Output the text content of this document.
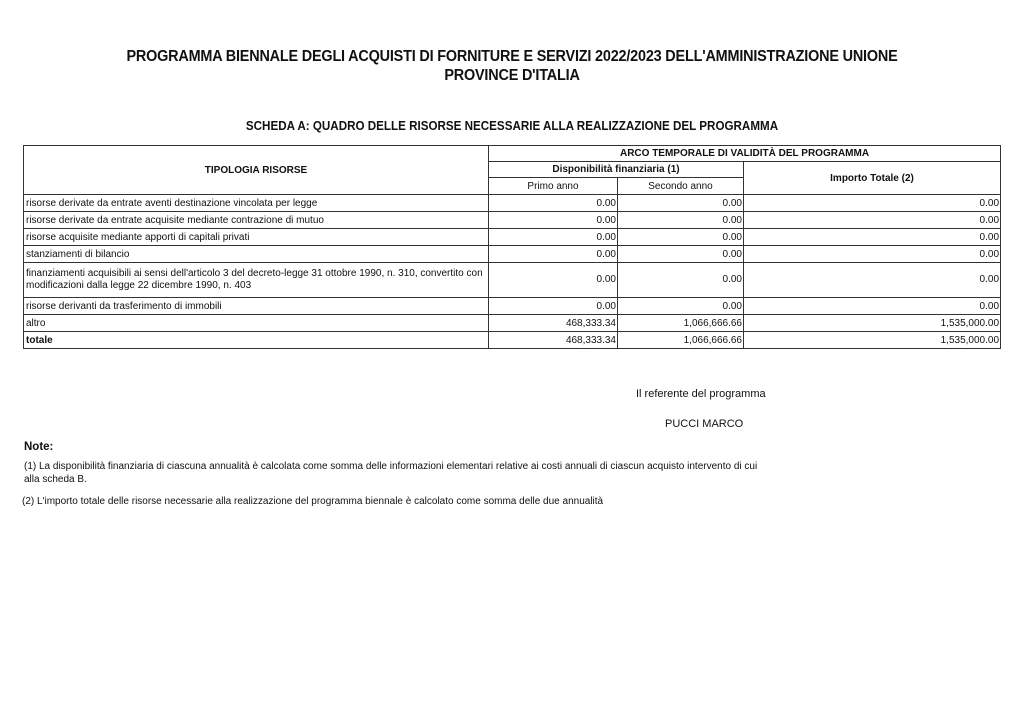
PROGRAMMA BIENNALE DEGLI ACQUISTI DI FORNITURE E SERVIZI 2022/2023 DELL'AMMINISTRAZIONE UNIONE
PROVINCE D'ITALIA
SCHEDA A: QUADRO DELLE RISORSE NECESSARIE ALLA REALIZZAZIONE DEL PROGRAMMA
TIPOLOGIA RISORSE	ARCO TEMPORALE DI VALIDITÀ DEL PROGRAMMA		
	Disponibilità finanziaria (1)		Importo Totale (2)
	Primo anno	Secondo anno	
risorse derivate da entrate aventi destinazione vincolata per legge	0.00	0.00	0.00
risorse derivate da entrate acquisite mediante contrazione di mutuo	0.00	0.00	0.00
risorse acquisite mediante apporti di capitali privati	0.00	0.00	0.00
stanziamenti di bilancio	0.00	0.00	0.00
finanziamenti acquisibili ai sensi dell'articolo 3 del decreto-legge 31 ottobre 1990, n. 310, convertito con modificazioni dalla legge 22 dicembre 1990, n. 403	0.00	0.00	0.00
risorse derivanti da trasferimento di immobili	0.00	0.00	0.00
altro	468,333.34	1,066,666.66	1,535,000.00
totale	468,333.34	1,066,666.66	1,535,000.00
Il referente del programma
PUCCI MARCO
Note:
(1) La disponibilità finanziaria di ciascuna annualità è calcolata come somma delle informazioni elementari relative ai costi annuali di ciascun acquisto intervento di cui alla scheda B.
(2) L'importo totale delle risorse necessarie alla realizzazione del programma biennale è calcolato come somma delle due annualità
